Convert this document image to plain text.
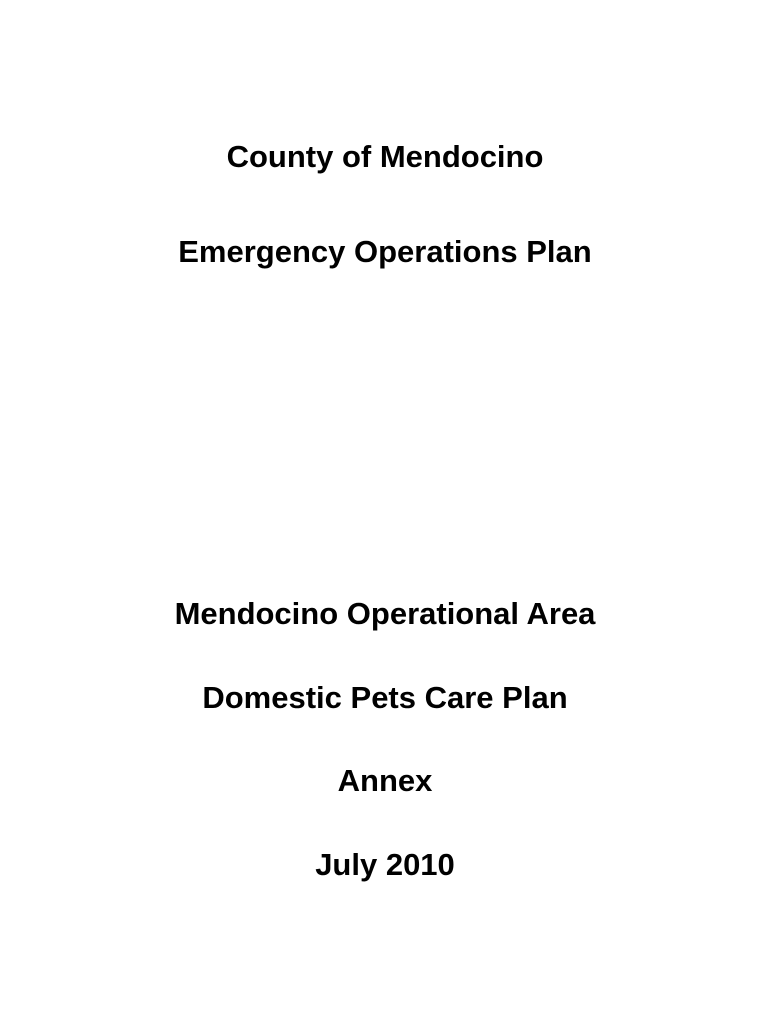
County of Mendocino

Emergency Operations Plan

Mendocino Operational Area

Domestic Pets Care Plan

Annex

July 2010
